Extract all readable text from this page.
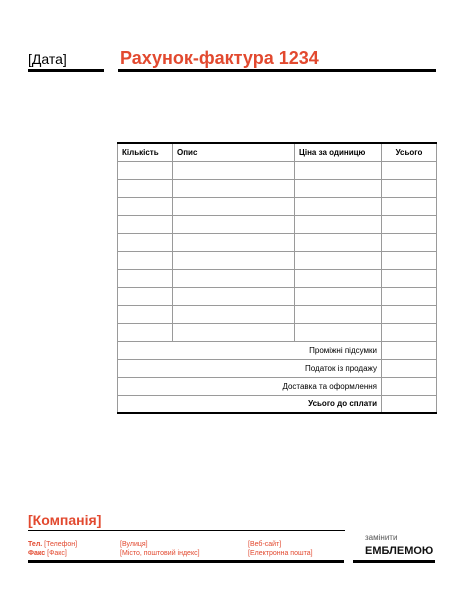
[Дата]	Рахунок-фактура 1234
Кількість	Опис	Ціна за одиницю	Усього

Проміжні підсумки			
Податок із продажу			
Доставка та оформлення			
Усього до сплати			
[Компанія]
Тел. [Телефон]
Факс [Факс]
[Вулиця]
[Місто, поштовий індекс]
[Веб-сайт]
[Електронна пошта]
замінити
ЕМБЛЕМОЮ
